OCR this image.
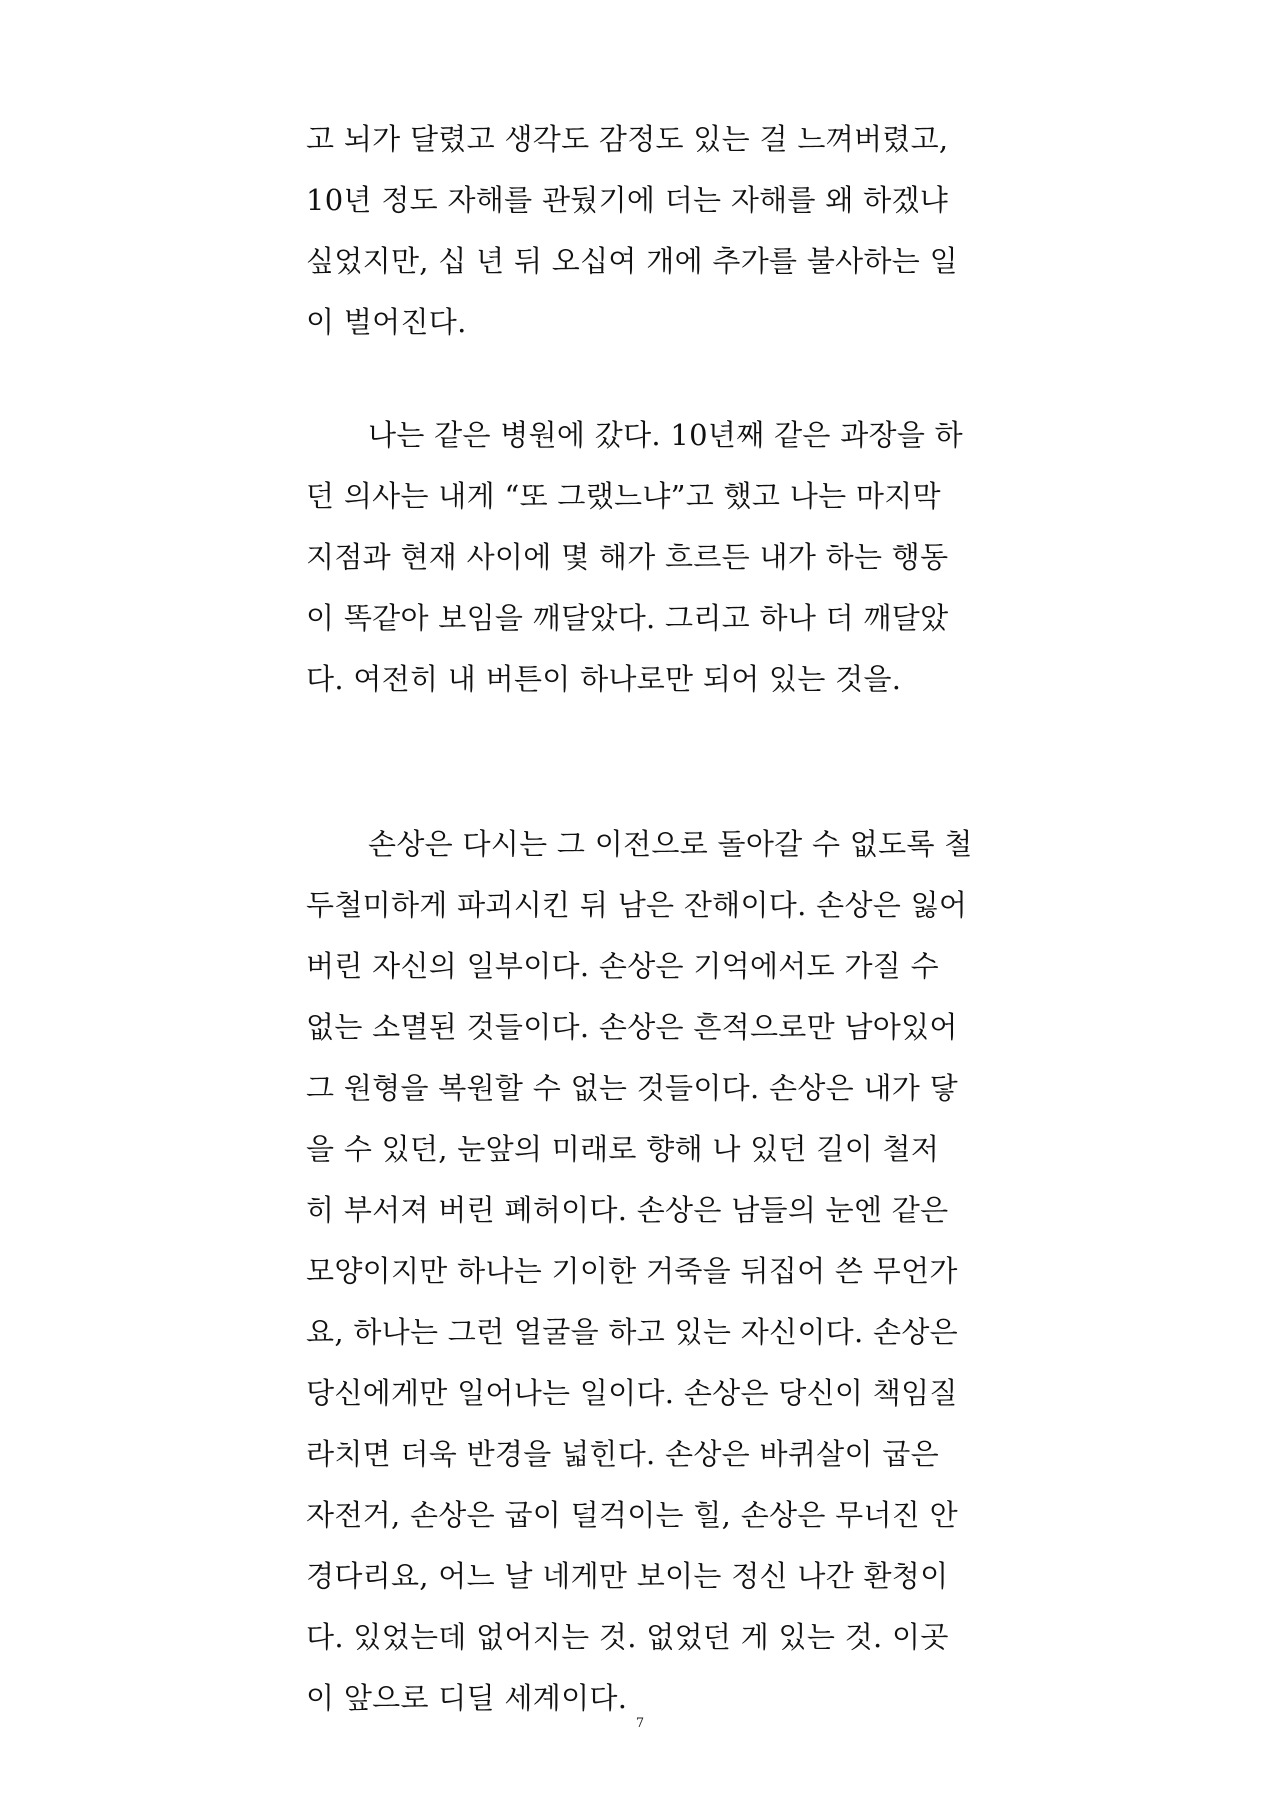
고 뇌가 달렸고 생각도 감정도 있는 걸 느껴버렸고,
10년 정도 자해를 관뒀기에 더는 자해를 왜 하겠냐
싶었지만, 십 년 뒤 오십여 개에 추가를 불사하는 일
이 벌어진다.
나는 같은 병원에 갔다. 10년째 같은 과장을 하
던 의사는 내게 “또 그랬느냐”고 했고 나는 마지막
지점과 현재 사이에 몇 해가 흐르든 내가 하는 행동
이 똑같아 보임을 깨달았다. 그리고 하나 더 깨달았
다. 여전히 내 버튼이 하나로만 되어 있는 것을.
손상은 다시는 그 이전으로 돌아갈 수 없도록 철
두철미하게 파괴시킨 뒤 남은 잔해이다. 손상은 잃어
버린 자신의 일부이다. 손상은 기억에서도 가질 수
없는 소멸된 것들이다. 손상은 흔적으로만 남아있어
그 원형을 복원할 수 없는 것들이다. 손상은 내가 닿
을 수 있던, 눈앞의 미래로 향해 나 있던 길이 철저
히 부서져 버린 폐허이다. 손상은 남들의 눈엔 같은
모양이지만 하나는 기이한 거죽을 뒤집어 쓴 무언가
요, 하나는 그런 얼굴을 하고 있는 자신이다. 손상은
당신에게만 일어나는 일이다. 손상은 당신이 책임질
라치면 더욱 반경을 넓힌다. 손상은 바퀴살이 굽은
자전거, 손상은 굽이 덜걱이는 힐, 손상은 무너진 안
경다리요, 어느 날 네게만 보이는 정신 나간 환청이
다. 있었는데 없어지는 것. 없었던 게 있는 것. 이곳
이 앞으로 디딜 세계이다.
7
